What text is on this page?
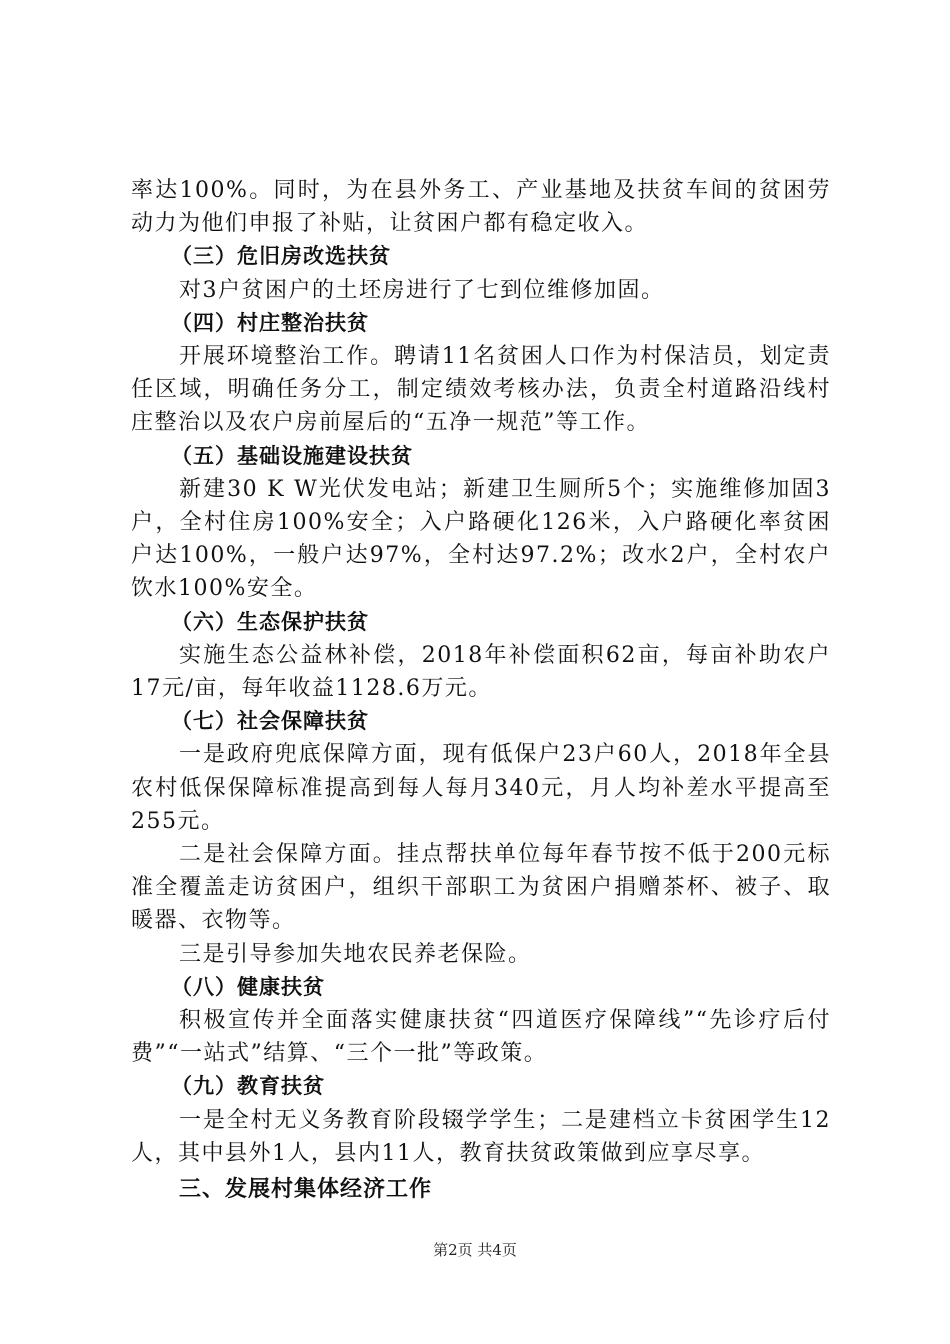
率达100%。同时，为在县外务工、产业基地及扶贫车间的贫困劳动力为他们申报了补贴，让贫困户都有稳定收入。

（三）危旧房改选扶贫

对3户贫困户的土坯房进行了七到位维修加固。

（四）村庄整治扶贫

开展环境整治工作。聘请11名贫困人口作为村保洁员，划定责任区域，明确任务分工，制定绩效考核办法，负责全村道路沿线村庄整治以及农户房前屋后的“五净一规范”等工作。

（五）基础设施建设扶贫

新建30 K W光伏发电站；新建卫生厕所5个；实施维修加固3户，全村住房100%安全；入户路硬化126米，入户路硬化率贫困户达100%，一般户达97%，全村达97.2%；改水2户，全村农户饮水100%安全。

（六）生态保护扶贫

实施生态公益林补偿，2018年补偿面积62亩，每亩补助农户17元/亩，每年收益1128.6万元。

（七）社会保障扶贫

一是政府兜底保障方面，现有低保户23户60人，2018年全县农村低保保障标准提高到每人每月340元，月人均补差水平提高至255元。

二是社会保障方面。挂点帮扶单位每年春节按不低于200元标准全覆盖走访贫困户，组织干部职工为贫困户捐赠茶杯、被子、取暖器、衣物等。

三是引导参加失地农民养老保险。

（八）健康扶贫

积极宣传并全面落实健康扶贫“四道医疗保障线”“先诊疗后付费”“一站式”结算、“三个一批”等政策。

（九）教育扶贫

一是全村无义务教育阶段辍学学生；二是建档立卡贫困学生12人，其中县外1人，县内11人，教育扶贫政策做到应享尽享。

三、发展村集体经济工作
第2页 共4页
